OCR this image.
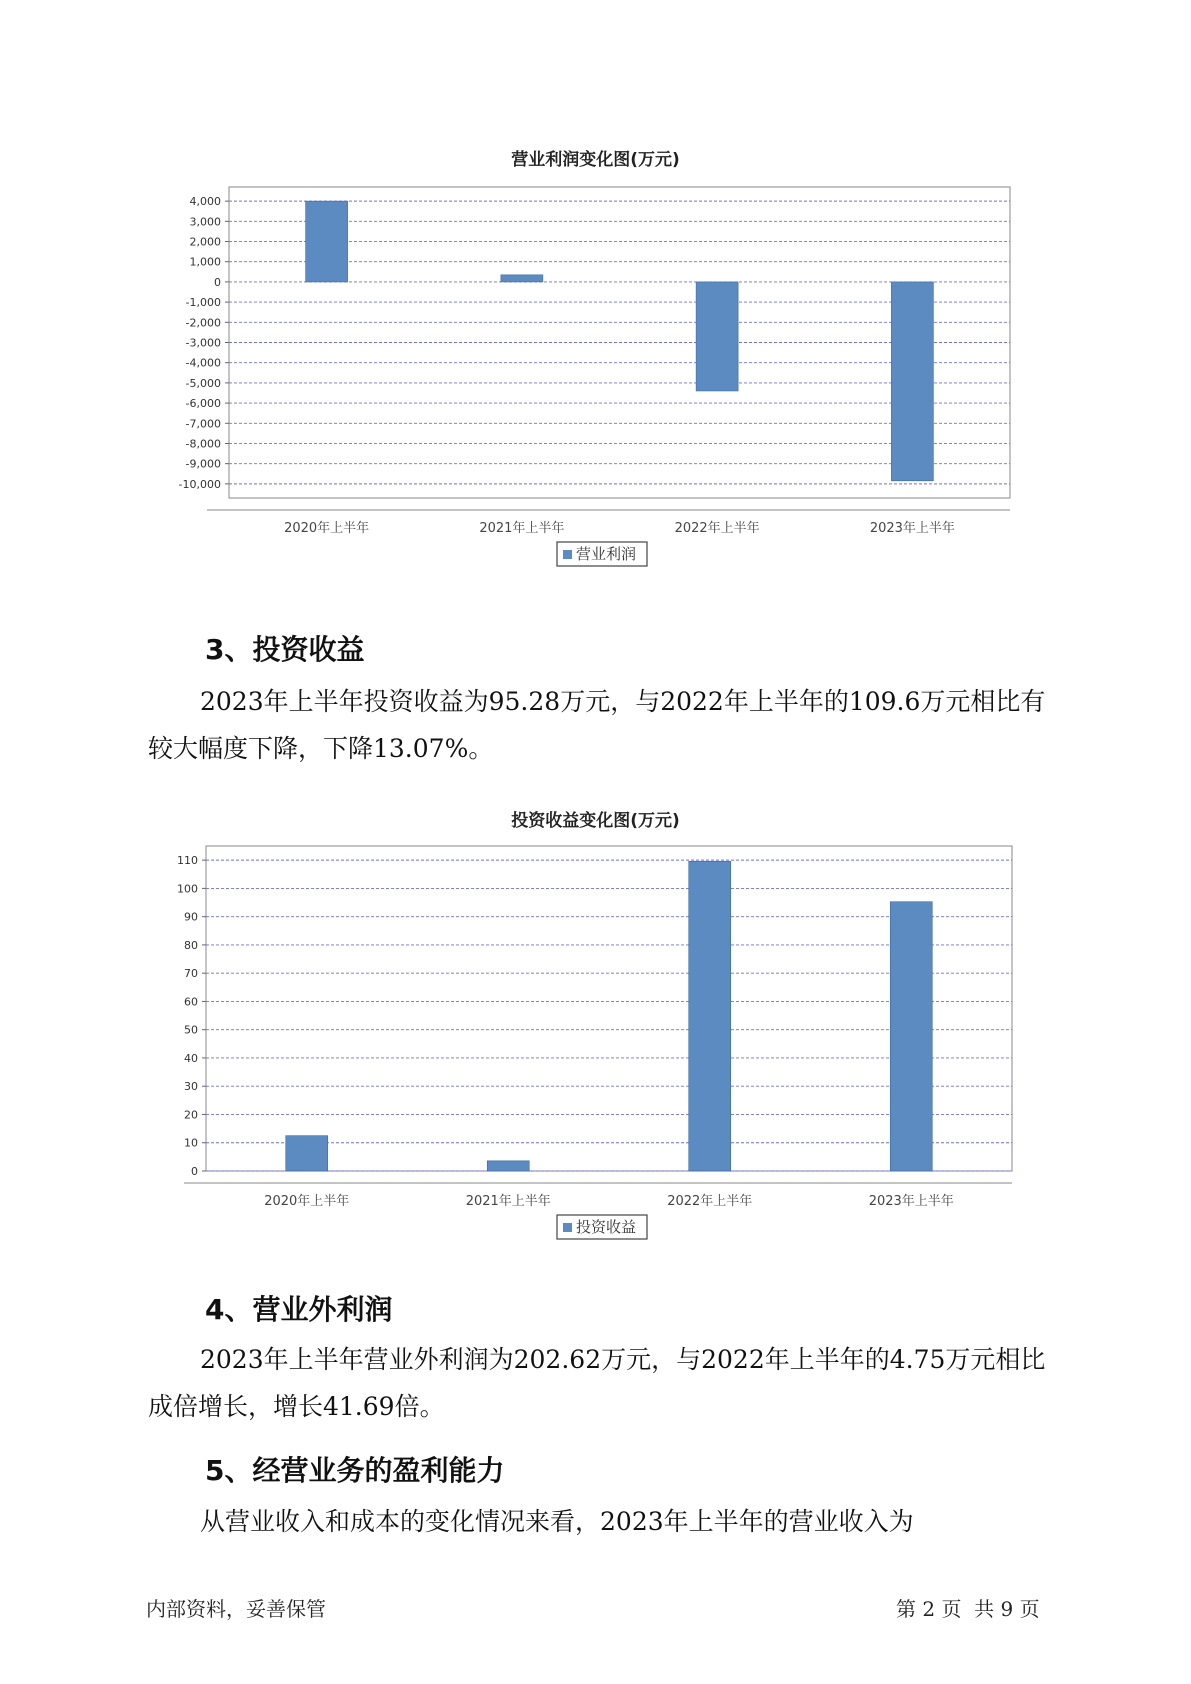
营业利润变化图(万元)
4,000
3,000
2,000
1,000
0
-1,000
-2,000
-3,000
-4,000
-5,000
-6,000
-7,000
-8,000
-9,000
-10,000
2020年上半年	2021年上半年	2022年上半年	2023年上半年
营业利润
3、投资收益

2023年上半年投资收益为95.28万元，与2022年上半年的109.6万元相比有较大幅度下降，下降13.07%。

投资收益变化图(万元)
0
10
20
30
40
50
60
70
80
90
100
110
2020年上半年	2021年上半年	2022年上半年	2023年上半年
投资收益
4、营业外利润

2023年上半年营业外利润为202.62万元，与2022年上半年的4.75万元相比成倍增长，增长41.69倍。

5、经营业务的盈利能力

从营业收入和成本的变化情况来看，2023年上半年的营业收入为

内部资料，妥善保管	第 2 页  共 9 页
